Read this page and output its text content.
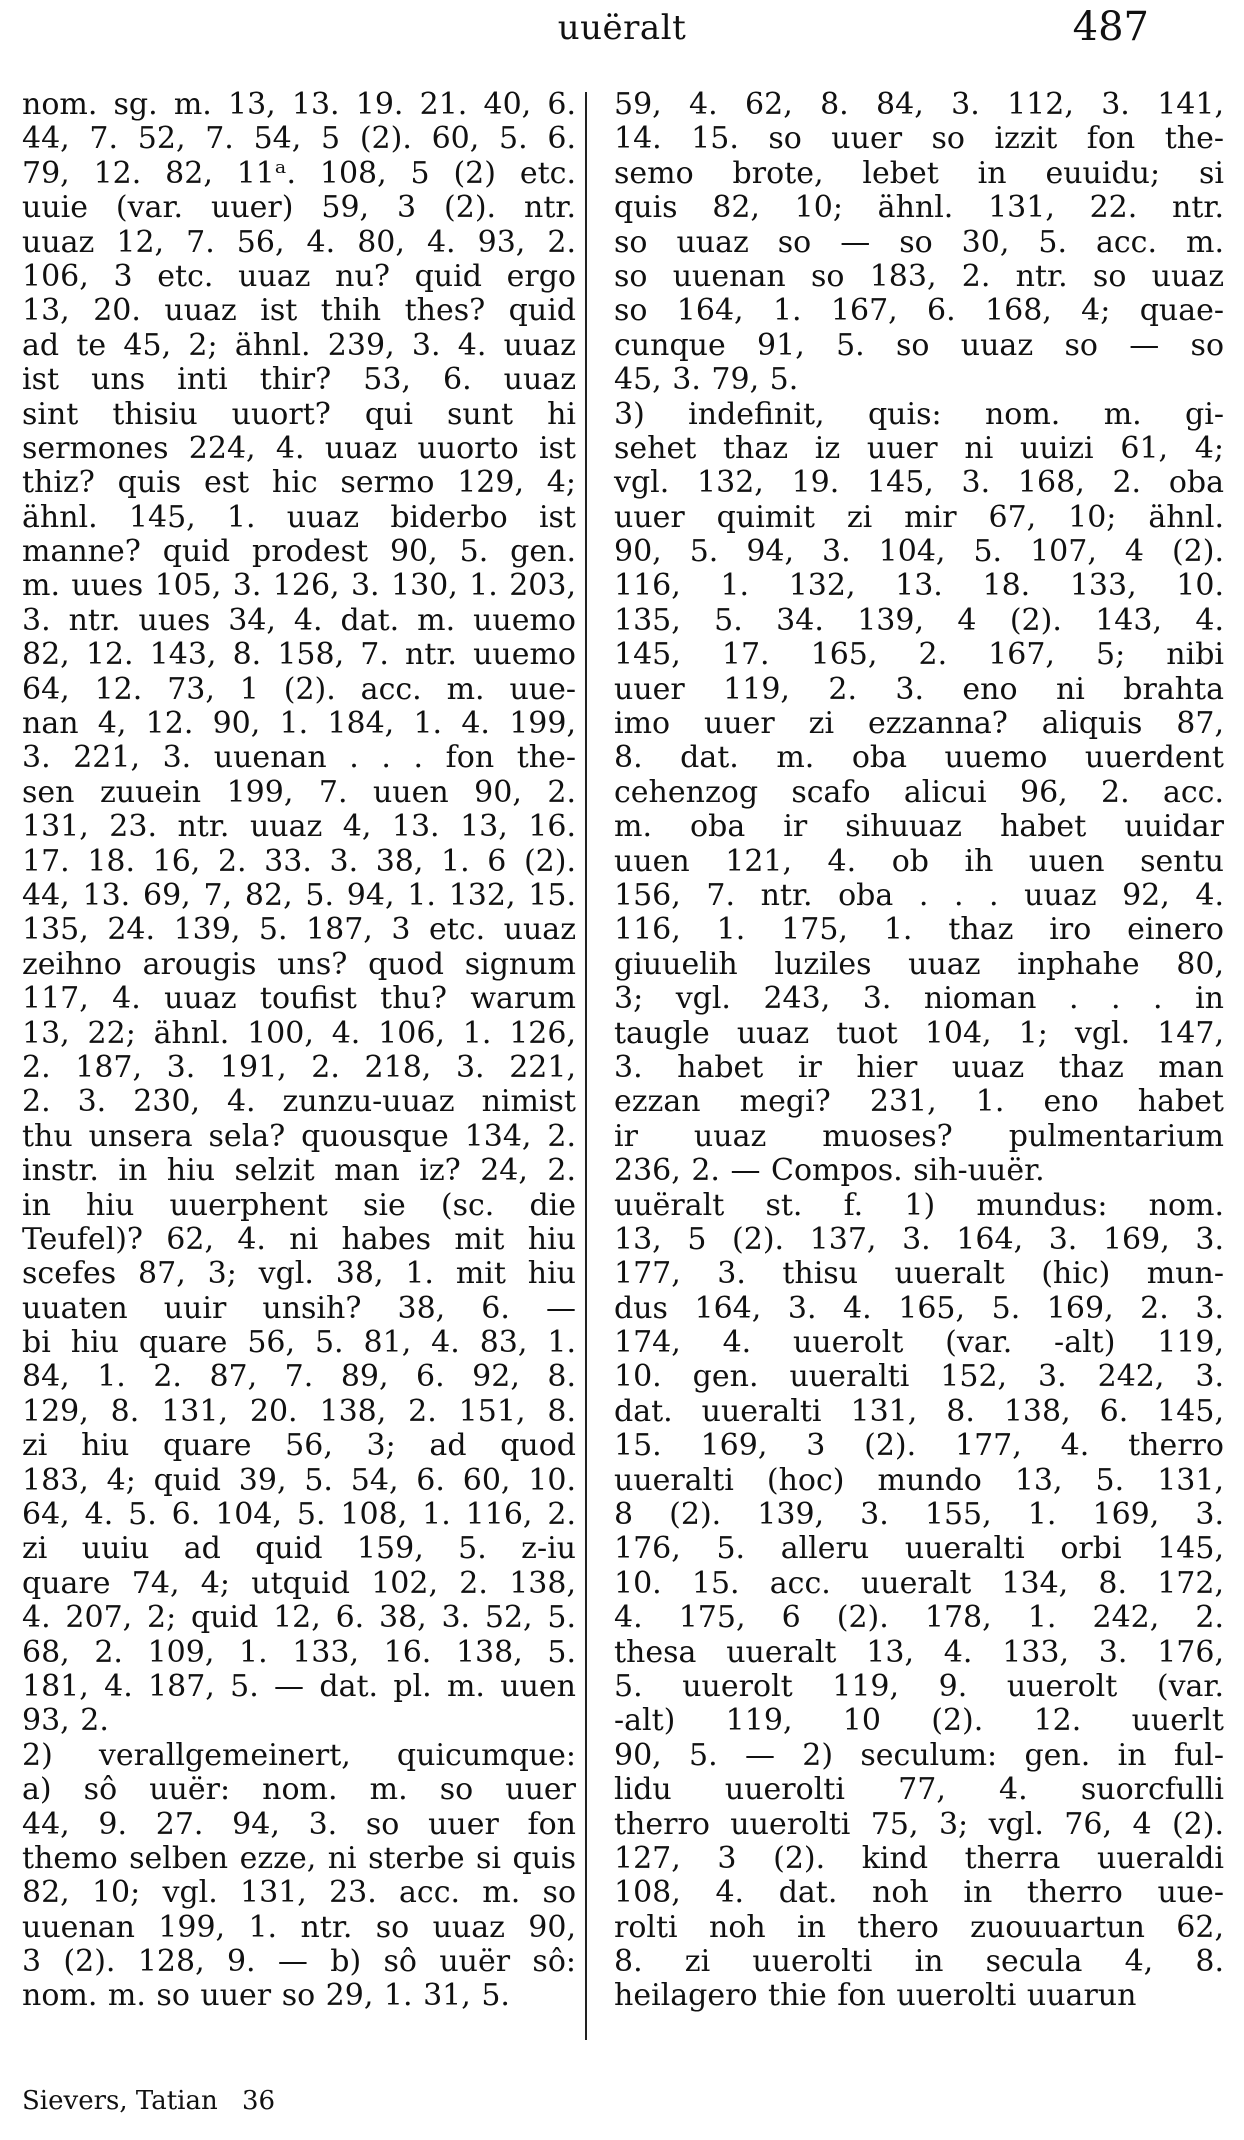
uuëralt	487
nom. sg. m. 13, 13. 19. 21. 40, 6.
44, 7. 52, 7. 54, 5 (2). 60, 5. 6.
79, 12. 82, 11ᵃ. 108, 5 (2) etc.
uuie (var. uuer) 59, 3 (2). ntr.
uuaz 12, 7. 56, 4. 80, 4. 93, 2.
106, 3 etc. uuaz nu? quid ergo
13, 20. uuaz ist thih thes? quid
ad te 45, 2; ähnl. 239, 3. 4. uuaz
ist uns inti thir? 53, 6. uuaz
sint thisiu uuort? qui sunt hi
sermones 224, 4. uuaz uuorto ist
thiz? quis est hic sermo 129, 4;
ähnl. 145, 1. uuaz biderbo ist
manne? quid prodest 90, 5. gen.
m. uues 105, 3. 126, 3. 130, 1. 203,
3. ntr. uues 34, 4. dat. m. uuemo
82, 12. 143, 8. 158, 7. ntr. uuemo
64, 12. 73, 1 (2). acc. m. uue-
nan 4, 12. 90, 1. 184, 1. 4. 199,
3. 221, 3. uuenan . . . fon the-
sen zuuein 199, 7. uuen 90, 2.
131, 23. ntr. uuaz 4, 13. 13, 16.
17. 18. 16, 2. 33. 3. 38, 1. 6 (2).
44, 13. 69, 7, 82, 5. 94, 1. 132, 15.
135, 24. 139, 5. 187, 3 etc. uuaz
zeihno arougis uns? quod signum
117, 4. uuaz toufist thu? warum
13, 22; ähnl. 100, 4. 106, 1. 126,
2. 187, 3. 191, 2. 218, 3. 221,
2. 3. 230, 4. zunzu-uuaz nimist
thu unsera sela? quousque 134, 2.
instr. in hiu selzit man iz? 24, 2.
in hiu uuerphent sie (sc. die
Teufel)? 62, 4. ni habes mit hiu
scefes 87, 3; vgl. 38, 1. mit hiu
uuaten uuir unsih? 38, 6. —
bi hiu quare 56, 5. 81, 4. 83, 1.
84, 1. 2. 87, 7. 89, 6. 92, 8.
129, 8. 131, 20. 138, 2. 151, 8.
zi hiu quare 56, 3; ad quod
183, 4; quid 39, 5. 54, 6. 60, 10.
64, 4. 5. 6. 104, 5. 108, 1. 116, 2.
zi uuiu ad quid 159, 5. z-iu
quare 74, 4; utquid 102, 2. 138,
4. 207, 2; quid 12, 6. 38, 3. 52, 5.
68, 2. 109, 1. 133, 16. 138, 5.
181, 4. 187, 5. — dat. pl. m. uuen
93, 2.
2) verallgemeinert, quicumque:
a) sô uuër: nom. m. so uuer
44, 9. 27. 94, 3. so uuer fon
themo selben ezze, ni sterbe si quis
82, 10; vgl. 131, 23. acc. m. so
uuenan 199, 1. ntr. so uuaz 90,
3 (2). 128, 9. — b) sô uuër sô:
nom. m. so uuer so 29, 1. 31, 5.
59, 4. 62, 8. 84, 3. 112, 3. 141,
14. 15. so uuer so izzit fon the-
semo brote, lebet in euuidu; si
quis 82, 10; ähnl. 131, 22. ntr.
so uuaz so — so 30, 5. acc. m.
so uuenan so 183, 2. ntr. so uuaz
so 164, 1. 167, 6. 168, 4; quae-
cunque 91, 5. so uuaz so — so
45, 3. 79, 5.
3) indefinit, quis: nom. m. gi-
sehet thaz iz uuer ni uuizi 61, 4;
vgl. 132, 19. 145, 3. 168, 2. oba
uuer quimit zi mir 67, 10; ähnl.
90, 5. 94, 3. 104, 5. 107, 4 (2).
116, 1. 132, 13. 18. 133, 10.
135, 5. 34. 139, 4 (2). 143, 4.
145, 17. 165, 2. 167, 5; nibi
uuer 119, 2. 3. eno ni brahta
imo uuer zi ezzanna? aliquis 87,
8. dat. m. oba uuemo uuerdent
cehenzog scafo alicui 96, 2. acc.
m. oba ir sihuuaz habet uuidar
uuen 121, 4. ob ih uuen sentu
156, 7. ntr. oba . . . uuaz 92, 4.
116, 1. 175, 1. thaz iro einero
giuuelih luziles uuaz inphahe 80,
3; vgl. 243, 3. nioman . . . in
taugle uuaz tuot 104, 1; vgl. 147,
3. habet ir hier uuaz thaz man
ezzan megi? 231, 1. eno habet
ir uuaz muoses? pulmentarium
236, 2. — Compos. sih-uuër.
uuëralt st. f. 1) mundus: nom.
13, 5 (2). 137, 3. 164, 3. 169, 3.
177, 3. thisu uueralt (hic) mun-
dus 164, 3. 4. 165, 5. 169, 2. 3.
174, 4. uuerolt (var. -alt) 119,
10. gen. uueralti 152, 3. 242, 3.
dat. uueralti 131, 8. 138, 6. 145,
15. 169, 3 (2). 177, 4. therro
uueralti (hoc) mundo 13, 5. 131,
8 (2). 139, 3. 155, 1. 169, 3.
176, 5. alleru uueralti orbi 145,
10. 15. acc. uueralt 134, 8. 172,
4. 175, 6 (2). 178, 1. 242, 2.
thesa uueralt 13, 4. 133, 3. 176,
5. uuerolt 119, 9. uuerolt (var.
-alt) 119, 10 (2). 12. uuerlt
90, 5. — 2) seculum: gen. in ful-
lidu uuerolti 77, 4. suorcfulli
therro uuerolti 75, 3; vgl. 76, 4 (2).
127, 3 (2). kind therra uueraldi
108, 4. dat. noh in therro uue-
rolti noh in thero zuouuartun 62,
8. zi uuerolti in secula 4, 8.
heilagero thie fon uuerolti uuarun
Sievers, Tatian 36
